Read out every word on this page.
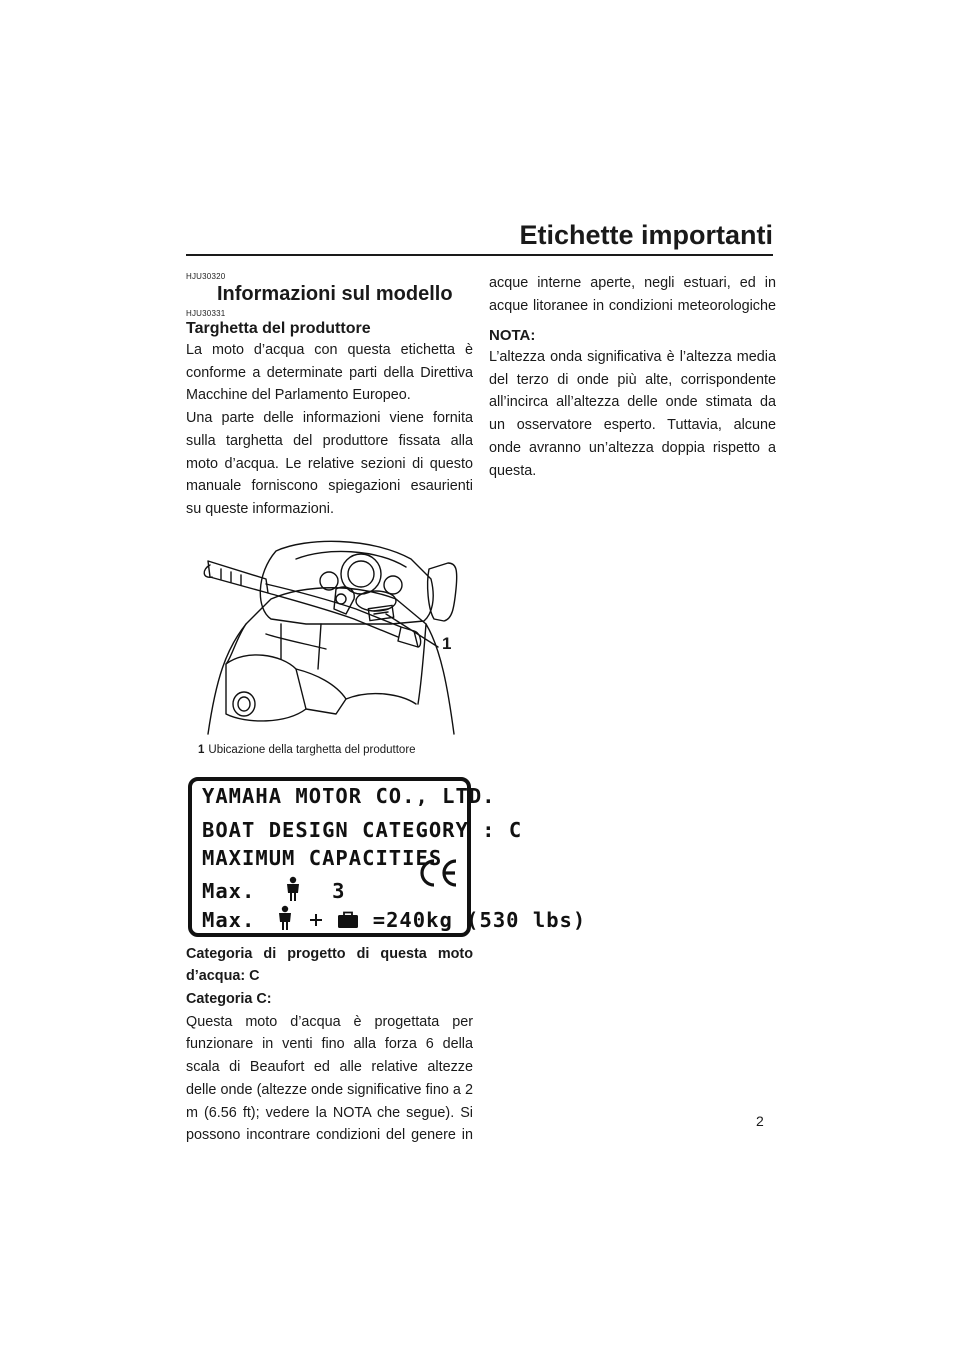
Etichette importanti
HJU30320
Informazioni sul modello
HJU30331
Targhetta del produttore

La moto d’acqua con questa etichetta è conforme a determinate parti della Direttiva Macchine del Parlamento Europeo.

Una parte delle informazioni viene fornita sulla targhetta del produttore fissata alla moto d’acqua. Le relative sezioni di questo manuale forniscono spiegazioni esaurienti su queste informazioni.

1
1 Ubicazione della targhetta del produttore
YAMAHA MOTOR CO., LTD.
BOAT DESIGN CATEGORY : C
MAXIMUM CAPACITIES
Max.	3
Max.	=240kg (530 lbs)

Categoria di progetto di questa moto d’acqua: C

Categoria C:

Questa moto d’acqua è progettata per funzionare in venti fino alla forza 6 della scala di Beaufort ed alle relative altezze delle onde (altezze onde significative fino a 2 m (6.56 ft); vedere la NOTA che segue). Si possono incontrare condizioni del genere in

acque interne aperte, negli estuari, ed in acque litoranee in condizioni meteorologiche

NOTA:

L’altezza onda significativa è l’altezza media del terzo di onde più alte, corrispondente all’incirca all’altezza delle onde stimata da un osservatore esperto. Tuttavia, alcune onde avranno un’altezza doppia rispetto a questa.

2
